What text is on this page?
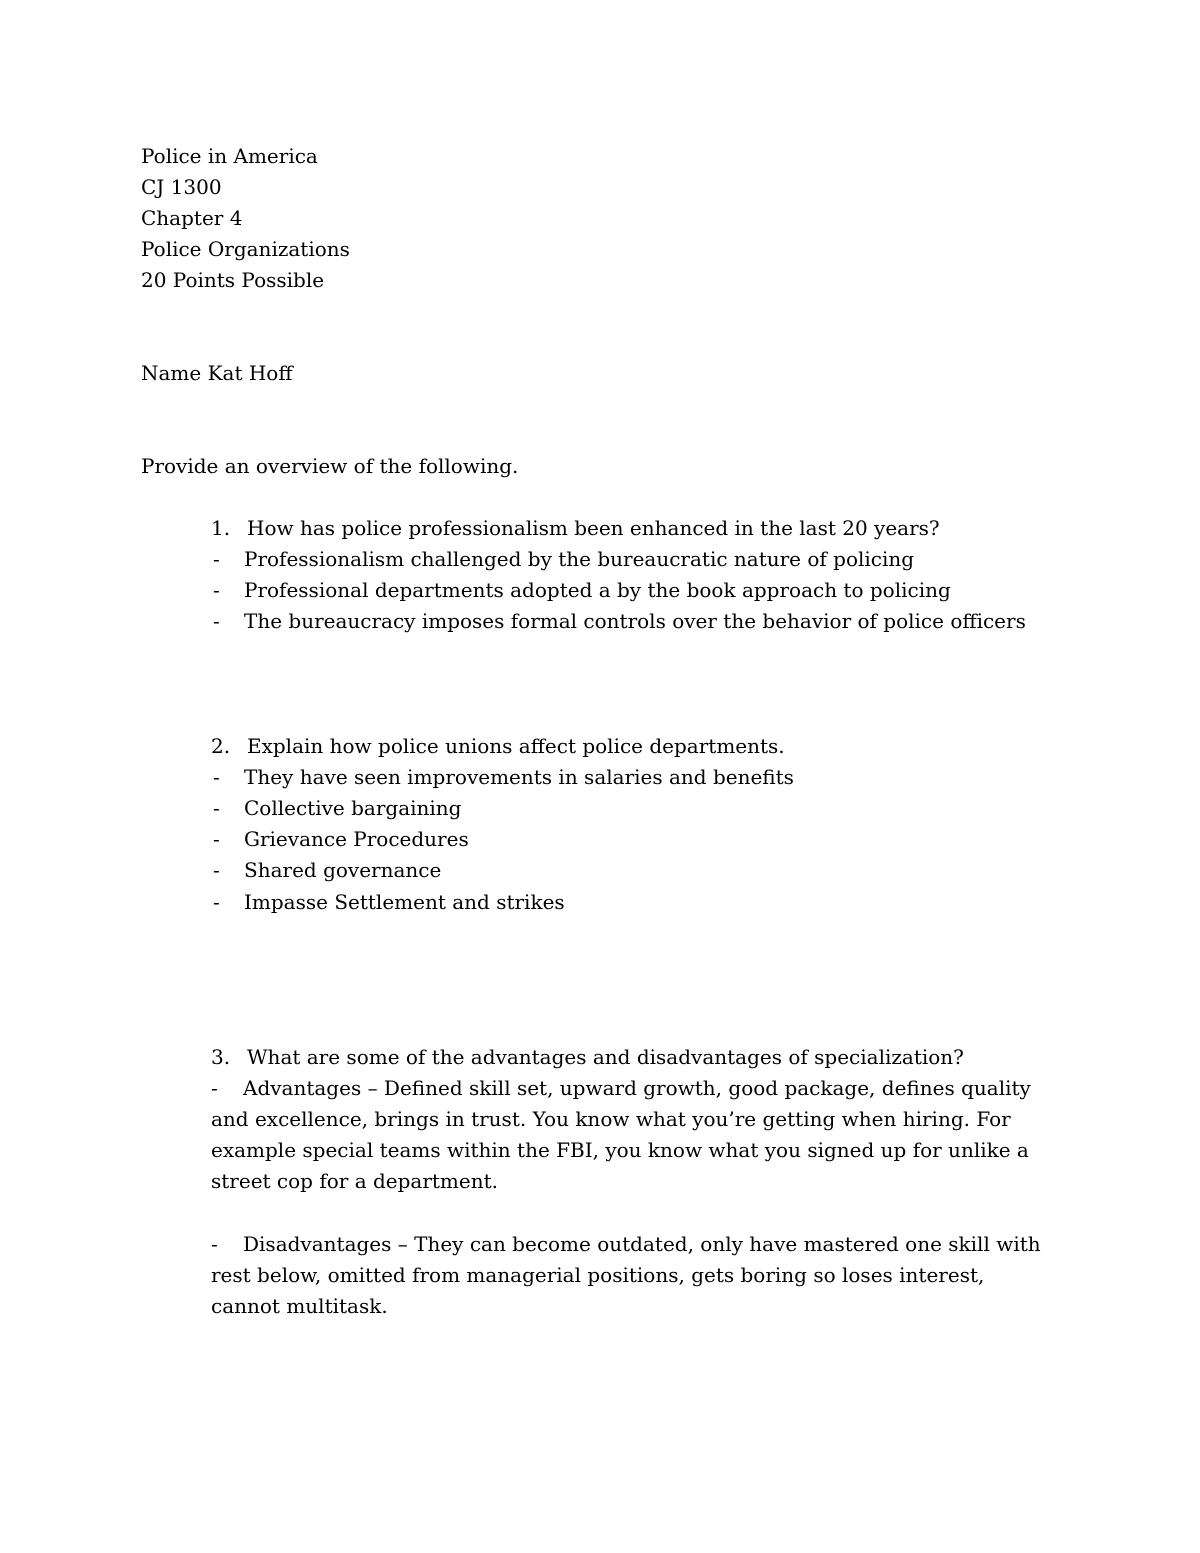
Police in America
CJ 1300
Chapter 4
Police Organizations
20 Points Possible
Name Kat Hoff
Provide an overview of the following.
1. How has police professionalism been enhanced in the last 20 years?
- Professionalism challenged by the bureaucratic nature of policing
- Professional departments adopted a by the book approach to policing
- The bureaucracy imposes formal controls over the behavior of police officers
2. Explain how police unions affect police departments.
- They have seen improvements in salaries and benefits
- Collective bargaining
- Grievance Procedures
- Shared governance
- Impasse Settlement and strikes
3. What are some of the advantages and disadvantages of specialization?
- Advantages – Defined skill set, upward growth, good package, defines quality and excellence, brings in trust. You know what you’re getting when hiring. For example special teams within the FBI, you know what you signed up for unlike a street cop for a department.
- Disadvantages – They can become outdated, only have mastered one skill with rest below, omitted from managerial positions, gets boring so loses interest, cannot multitask.
